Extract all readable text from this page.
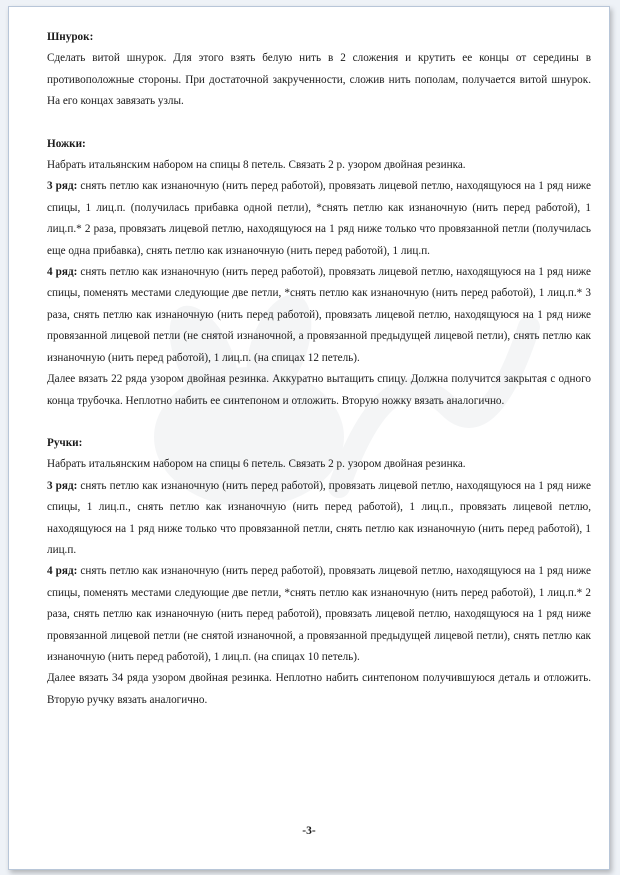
Шнурок:

Сделать витой шнурок. Для этого взять белую нить в 2 сложения и крутить ее концы от середины в противоположные стороны. При достаточной закрученности, сложив нить пополам, получается витой шнурок. На его концах завязать узлы.

Ножки:

Набрать итальянским набором на спицы 8 петель. Связать 2 р. узором двойная резинка.

3 ряд: снять петлю как изнаночную (нить перед работой), провязать лицевой петлю, находящуюся на 1 ряд ниже спицы, 1 лиц.п. (получилась прибавка одной петли), *снять петлю как изнаночную (нить перед работой), 1 лиц.п.* 2 раза, провязать лицевой петлю, находящуюся на 1 ряд ниже только что провязанной петли (получилась еще одна прибавка), снять петлю как изнаночную (нить перед работой), 1 лиц.п.

4 ряд: снять петлю как изнаночную (нить перед работой), провязать лицевой петлю, находящуюся на 1 ряд ниже спицы, поменять местами следующие две петли, *снять петлю как изнаночную (нить перед работой), 1 лиц.п.* 3 раза, снять петлю как изнаночную (нить перед работой), провязать лицевой петлю, находящуюся на 1 ряд ниже провязанной лицевой петли (не снятой изнаночной, а провязанной предыдущей лицевой петли), снять петлю как изнаночную (нить перед работой), 1 лиц.п. (на спицах 12 петель).

Далее вязать 22 ряда узором двойная резинка. Аккуратно вытащить спицу. Должна получится закрытая с одного конца трубочка. Неплотно набить ее синтепоном и отложить. Вторую ножку вязать аналогично.

Ручки:

Набрать итальянским набором на спицы 6 петель. Связать 2 р. узором двойная резинка.

3 ряд: снять петлю как изнаночную (нить перед работой), провязать лицевой петлю, находящуюся на 1 ряд ниже спицы, 1 лиц.п., снять петлю как изнаночную (нить перед работой), 1 лиц.п., провязать лицевой петлю, находящуюся на 1 ряд ниже только что провязанной петли, снять петлю как изнаночную (нить перед работой), 1 лиц.п.

4 ряд: снять петлю как изнаночную (нить перед работой), провязать лицевой петлю, находящуюся на 1 ряд ниже спицы, поменять местами следующие две петли, *снять петлю как изнаночную (нить перед работой), 1 лиц.п.* 2 раза, снять петлю как изнаночную (нить перед работой), провязать лицевой петлю, находящуюся на 1 ряд ниже провязанной лицевой петли (не снятой изнаночной, а провязанной предыдущей лицевой петли), снять петлю как изнаночную (нить перед работой), 1 лиц.п. (на спицах 10 петель).

Далее вязать 34 ряда узором двойная резинка. Неплотно набить синтепоном получившуюся деталь и отложить. Вторую ручку вязать аналогично.

-3-
